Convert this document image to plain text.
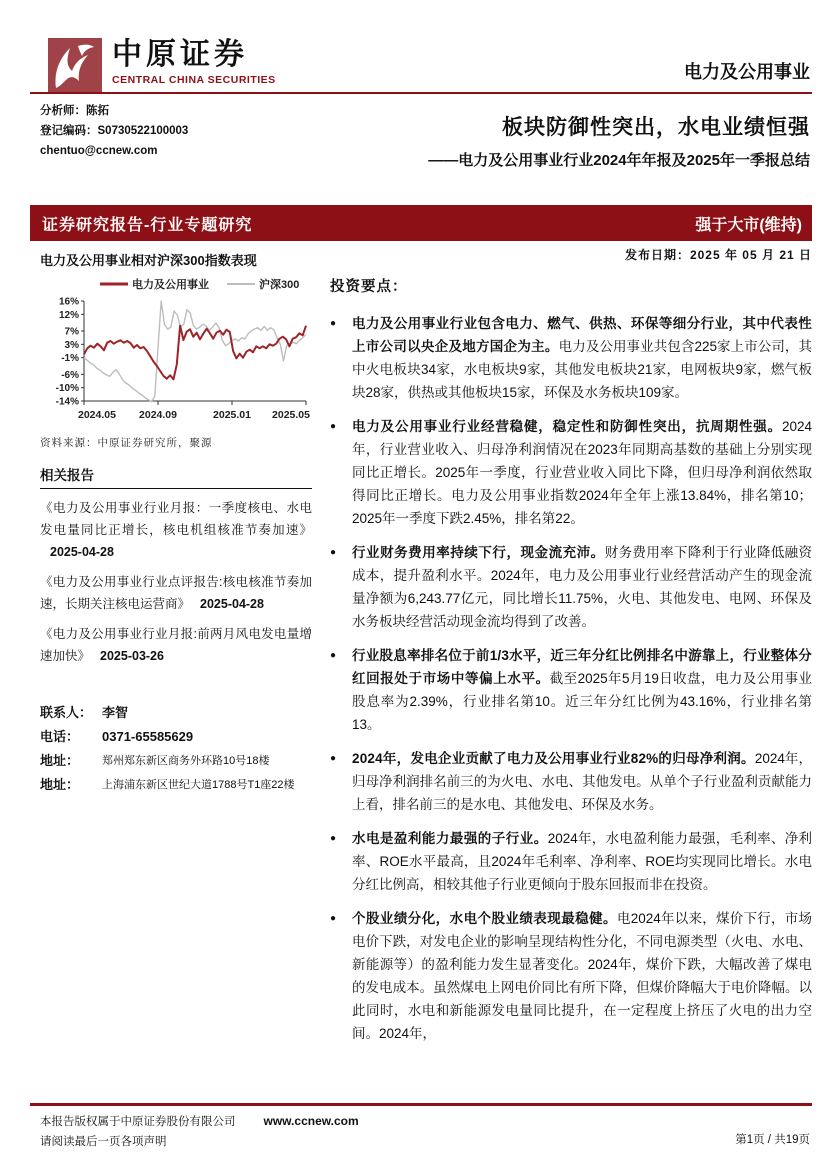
中原证券
CENTRAL CHINA SECURITIES	电力及公用事业
分析师：陈拓
登记编码：S0730522100003
chentuo@ccnew.com
板块防御性突出，水电业绩恒强
——电力及公用事业行业2024年年报及2025年一季报总结
证券研究报告-行业专题研究	强于大市(维持)
电力及公用事业相对沪深300指数表现
电力及公用事业	沪深300
16%
12%
7%
3%
-1%
-6%
-10%
-14%
2024.05 2024.09	2025.01 2025.05
资料来源：中原证券研究所，聚源
相关报告

《电力及公用事业行业月报：一季度核电、水电发电量同比正增长，核电机组核准节奏加速》2025-04-28

《电力及公用事业行业点评报告:核电核准节奏加速，长期关注核电运营商》 2025-04-28

《电力及公用事业行业月报:前两月风电发电量增速加快》 2025-03-26

联系人： 李智
电话：	0371-65585629
地址：	郑州郑东新区商务外环路10号18楼
地址：	上海浦东新区世纪大道1788号T1座22楼
发布日期：2025 年 05 月 21 日
投资要点：
●	电力及公用事业行业包含电力、燃气、供热、环保等细分行业，其中代表性上市公司以央企及地方国企为主。电力及公用事业共包含225家上市公司，其中火电板块34家，水电板块9家，其他发电板块21家，电网板块9家，燃气板块28家，供热或其他板块15家，环保及水务板块109家。

●	电力及公用事业行业经营稳健，稳定性和防御性突出，抗周期性强。2024年，行业营业收入、归母净利润情况在2023年同期高基数的基础上分别实现同比正增长。2025年一季度，行业营业收入同比下降，但归母净利润依然取得同比正增长。电力及公用事业指数2024年全年上涨13.84%，排名第10；2025年一季度下跌2.45%，排名第22。

●	行业财务费用率持续下行，现金流充沛。财务费用率下降利于行业降低融资成本，提升盈利水平。2024年，电力及公用事业行业经营活动产生的现金流量净额为6,243.77亿元，同比增长11.75%，火电、其他发电、电网、环保及水务板块经营活动现金流均得到了改善。

●	行业股息率排名位于前1/3水平，近三年分红比例排名中游靠上，行业整体分红回报处于市场中等偏上水平。截至2025年5月19日收盘，电力及公用事业股息率为2.39%，行业排名第10。近三年分红比例为43.16%，行业排名第13。

●	2024年，发电企业贡献了电力及公用事业行业82%的归母净利润。2024年，归母净利润排名前三的为火电、水电、其他发电。从单个子行业盈利贡献能力上看，排名前三的是水电、其他发电、环保及水务。

●	水电是盈利能力最强的子行业。2024年，水电盈利能力最强，毛利率、净利率、ROE水平最高，且2024年毛利率、净利率、ROE均实现同比增长。水电分红比例高，相较其他子行业更倾向于股东回报而非在投资。

●	个股业绩分化，水电个股业绩表现最稳健。电2024年以来，煤价下行，市场电价下跌，对发电企业的影响呈现结构性分化，不同电源类型（火电、水电、新能源等）的盈利能力发生显著变化。2024年，煤价下跌，大幅改善了煤电的发电成本。虽然煤电上网电价同比有所下降，但煤价降幅大于电价降幅。以此同时，水电和新能源发电量同比提升，在一定程度上挤压了火电的出力空间。2024年，

本报告版权属于中原证券股份有限公司 www.ccnew.com
请阅读最后一页各项声明	第1页 / 共19页
